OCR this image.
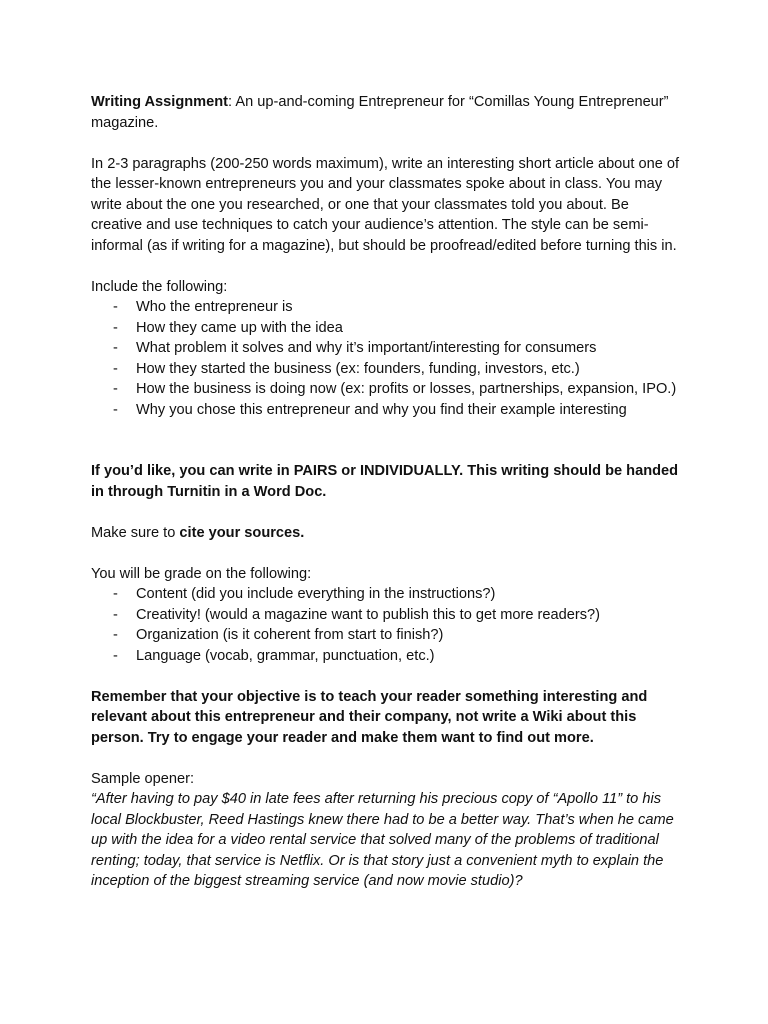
Writing Assignment: An up-and-coming Entrepreneur for “Comillas Young Entrepreneur” magazine.

In 2-3 paragraphs (200-250 words maximum), write an interesting short article about one of the lesser-known entrepreneurs you and your classmates spoke about in class. You may write about the one you researched, or one that your classmates told you about. Be creative and use techniques to catch your audience’s attention. The style can be semi-informal (as if writing for a magazine), but should be proofread/edited before turning this in.

Include the following:

- Who the entrepreneur is
- How they came up with the idea
- What problem it solves and why it’s important/interesting for consumers
- How they started the business (ex: founders, funding, investors, etc.)
- How the business is doing now (ex: profits or losses, partnerships, expansion, IPO.)
- Why you chose this entrepreneur and why you find their example interesting

If you’d like, you can write in PAIRS or INDIVIDUALLY. This writing should be handed in through Turnitin in a Word Doc.

Make sure to cite your sources.

You will be grade on the following:

- Content (did you include everything in the instructions?)
- Creativity! (would a magazine want to publish this to get more readers?)
- Organization (is it coherent from start to finish?)
- Language (vocab, grammar, punctuation, etc.)

Remember that your objective is to teach your reader something interesting and relevant about this entrepreneur and their company, not write a Wiki about this person. Try to engage your reader and make them want to find out more.

Sample opener:

“After having to pay $40 in late fees after returning his precious copy of “Apollo 11” to his local Blockbuster, Reed Hastings knew there had to be a better way. That’s when he came up with the idea for a video rental service that solved many of the problems of traditional renting; today, that service is Netflix. Or is that story just a convenient myth to explain the inception of the biggest streaming service (and now movie studio)?
